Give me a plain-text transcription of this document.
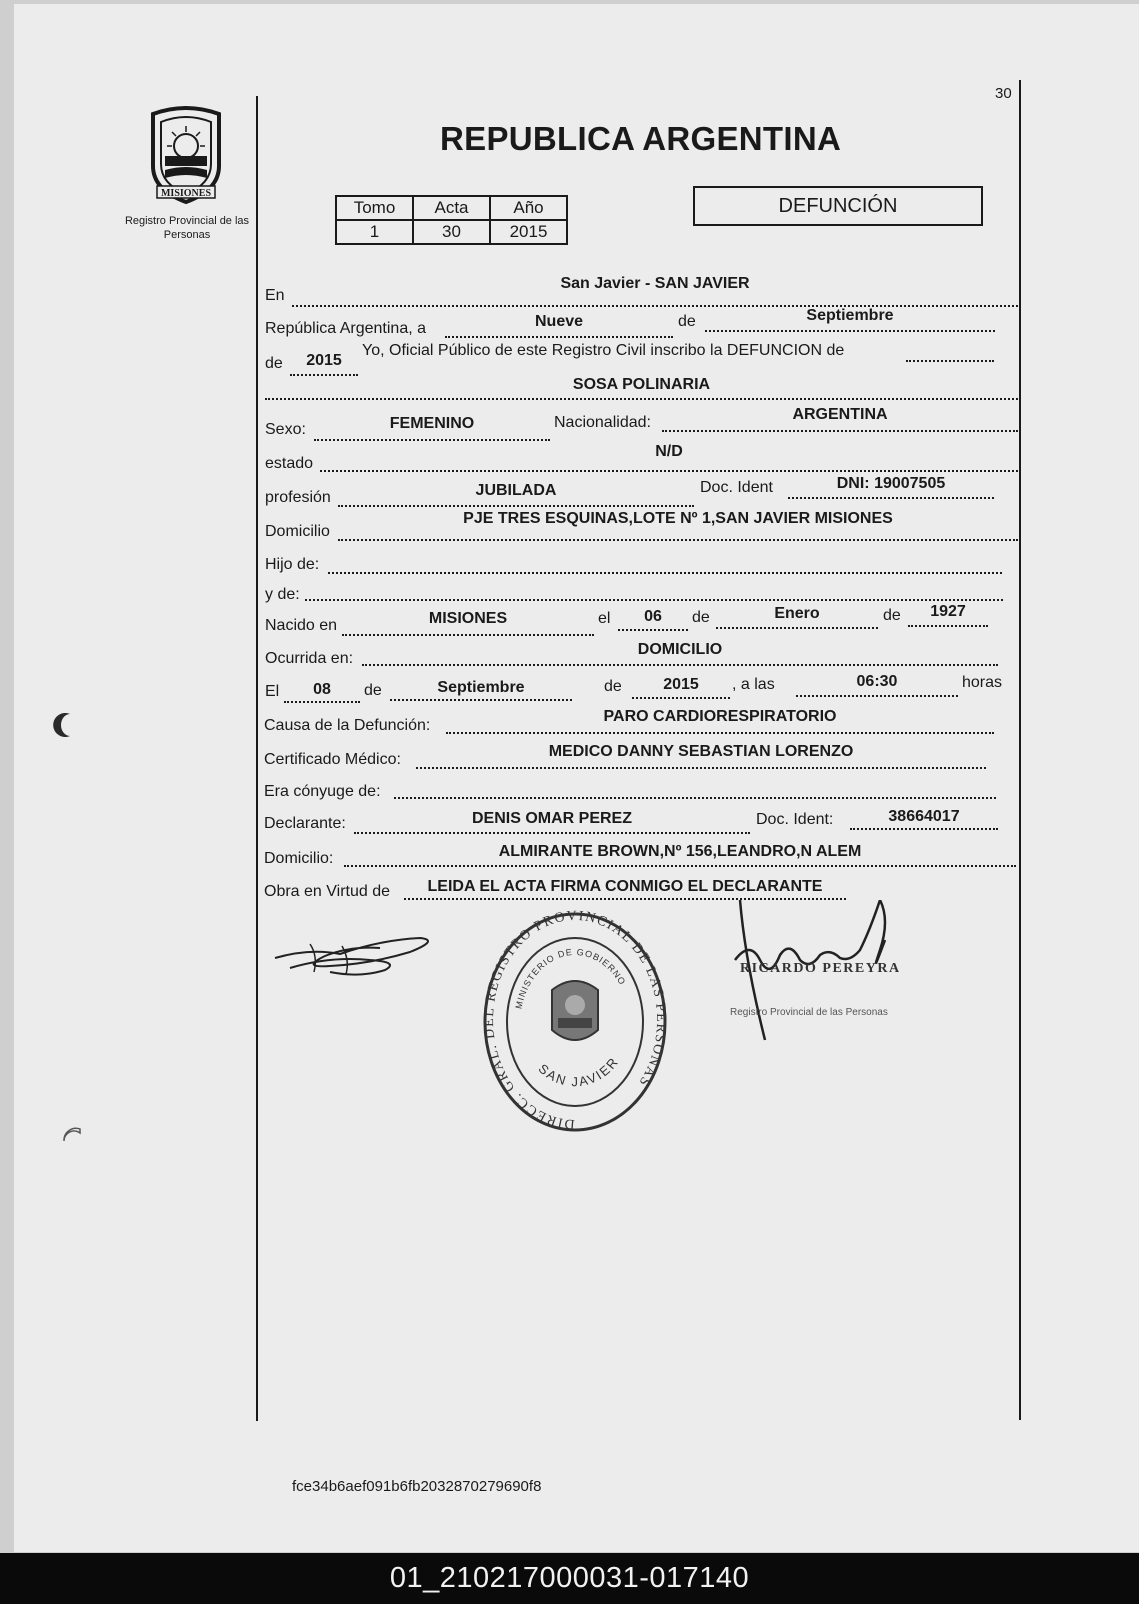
30
MISIONES
Registro Provincial de las Personas
REPUBLICA ARGENTINA
Tomo	Acta	Año
1	30	2015
DEFUNCIÓN
En
San Javier - SAN JAVIER
República Argentina, a	Nueve	de	Septiembre
de	2015
Yo, Oficial Público de este Registro Civil inscribo la DEFUNCION de
SOSA POLINARIA
Sexo:	FEMENINO	Nacionalidad:	ARGENTINA
estado
N/D
profesión	JUBILADA	Doc. Ident	DNI: 19007505
Domicilio
PJE TRES ESQUINAS,LOTE Nº 1,SAN JAVIER MISIONES
Hijo de:
y de:
Nacido en	MISIONES	el	06	de	Enero	de	1927
Ocurrida en:
DOMICILIO
El	08	de	Septiembre	de	2015	, a las	06:30	horas
Causa de la Defunción:
PARO CARDIORESPIRATORIO
Certificado Médico:	MEDICO DANNY SEBASTIAN LORENZO
Era cónyuge de:
Declarante:	DENIS OMAR PEREZ	Doc. Ident:	38664017
Domicilio:	ALMIRANTE BROWN,Nº 156,LEANDRO,N ALEM
Obra en Virtud de	LEIDA EL ACTA FIRMA CONMIGO EL DECLARANTE
DIRECC. GRAL. DEL REGISTRO PROVINCIAL DE LAS PERSONAS
MINISTERIO DE GOBIERNO
SAN JAVIER
RICARDO PEREYRA
Registro Provincial de las Personas
fce34b6aef091b6fb2032870279690f8
01_210217000031-017140
